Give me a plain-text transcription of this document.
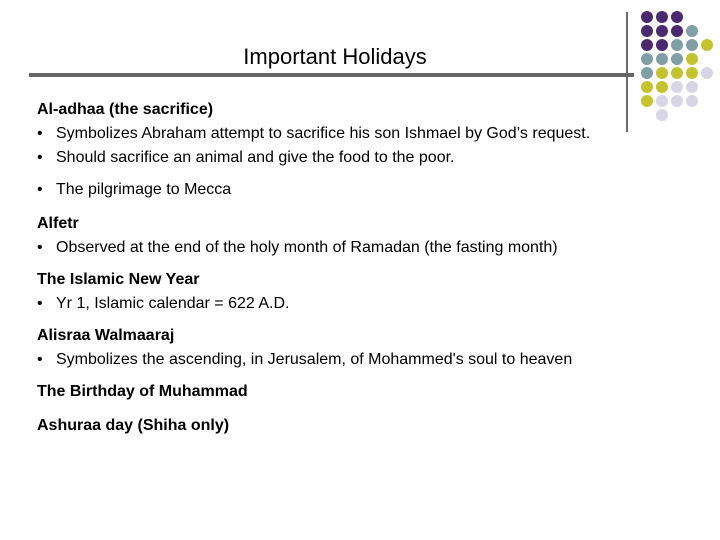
Important Holidays
Al-adhaa (the sacrifice)
• Symbolizes Abraham attempt to sacrifice his son Ishmael by God’s request.
• Should sacrifice an animal and give the food to the poor.
• The pilgrimage to Mecca
Alfetr
• Observed at the end of the holy month of Ramadan (the fasting month)
The Islamic New Year
• Yr 1, Islamic calendar = 622 A.D.
Alisraa Walmaaraj
• Symbolizes the ascending, in Jerusalem, of Mohammed's soul to heaven
The Birthday of Muhammad
Ashuraa day (Shiha only)
